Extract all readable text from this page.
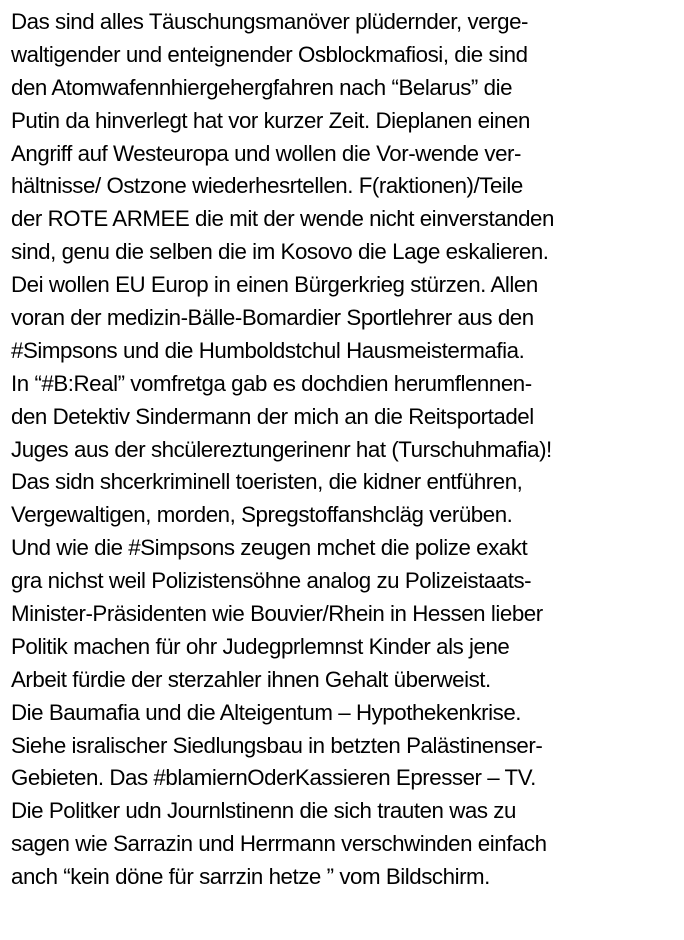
Das sind alles Täuschungsmanöver plüdernder, verge-
waltigender und enteignender Osblockmafiosi, die sind
den Atomwafennhiergehergfahren nach “Belarus” die
Putin da hinverlegt hat vor kurzer Zeit. Dieplanen einen
Angriff auf Westeuropa und wollen die Vor-wende ver-
hältnisse/ Ostzone wiederhesrtellen. F(raktionen)/Teile
der ROTE ARMEE die mit der wende nicht einverstanden
sind, genu die selben die im Kosovo die Lage eskalieren.
Dei wollen EU Europ in einen Bürgerkrieg stürzen. Allen
voran der medizin-Bälle-Bomardier Sportlehrer aus den
#Simpsons und die Humboldstchul Hausmeistermafia.
In “#B:Real” vomfretga gab es dochdien herumflennen-
den Detektiv Sindermann der mich an die Reitsportadel
Juges aus der shcülereztungerinenr hat (Turschuhmafia)!
Das sidn shcerkriminell toeristen, die kidner entführen,
Vergewaltigen, morden, Spregstoffanshcläg verüben.
Und wie die #Simpsons zeugen mchet die polize exakt
gra nichst weil Polizistensöhne analog zu Polizeistaats-
Minister-Präsidenten wie Bouvier/Rhein in Hessen lieber
Politik machen für ohr Judegprlemnst Kinder als jene
Arbeit fürdie der sterzahler ihnen Gehalt überweist.
Die Baumafia und die Alteigentum – Hypothekenkrise.
Siehe isralischer Siedlungsbau in betzten Palästinenser-
Gebieten. Das #blamiernOderKassieren Epresser – TV.
Die Politker udn Journlstinenn die sich trauten was zu
sagen wie Sarrazin und Herrmann verschwinden einfach
anch “kein döne für sarrzin hetze ” vom Bildschirm.
